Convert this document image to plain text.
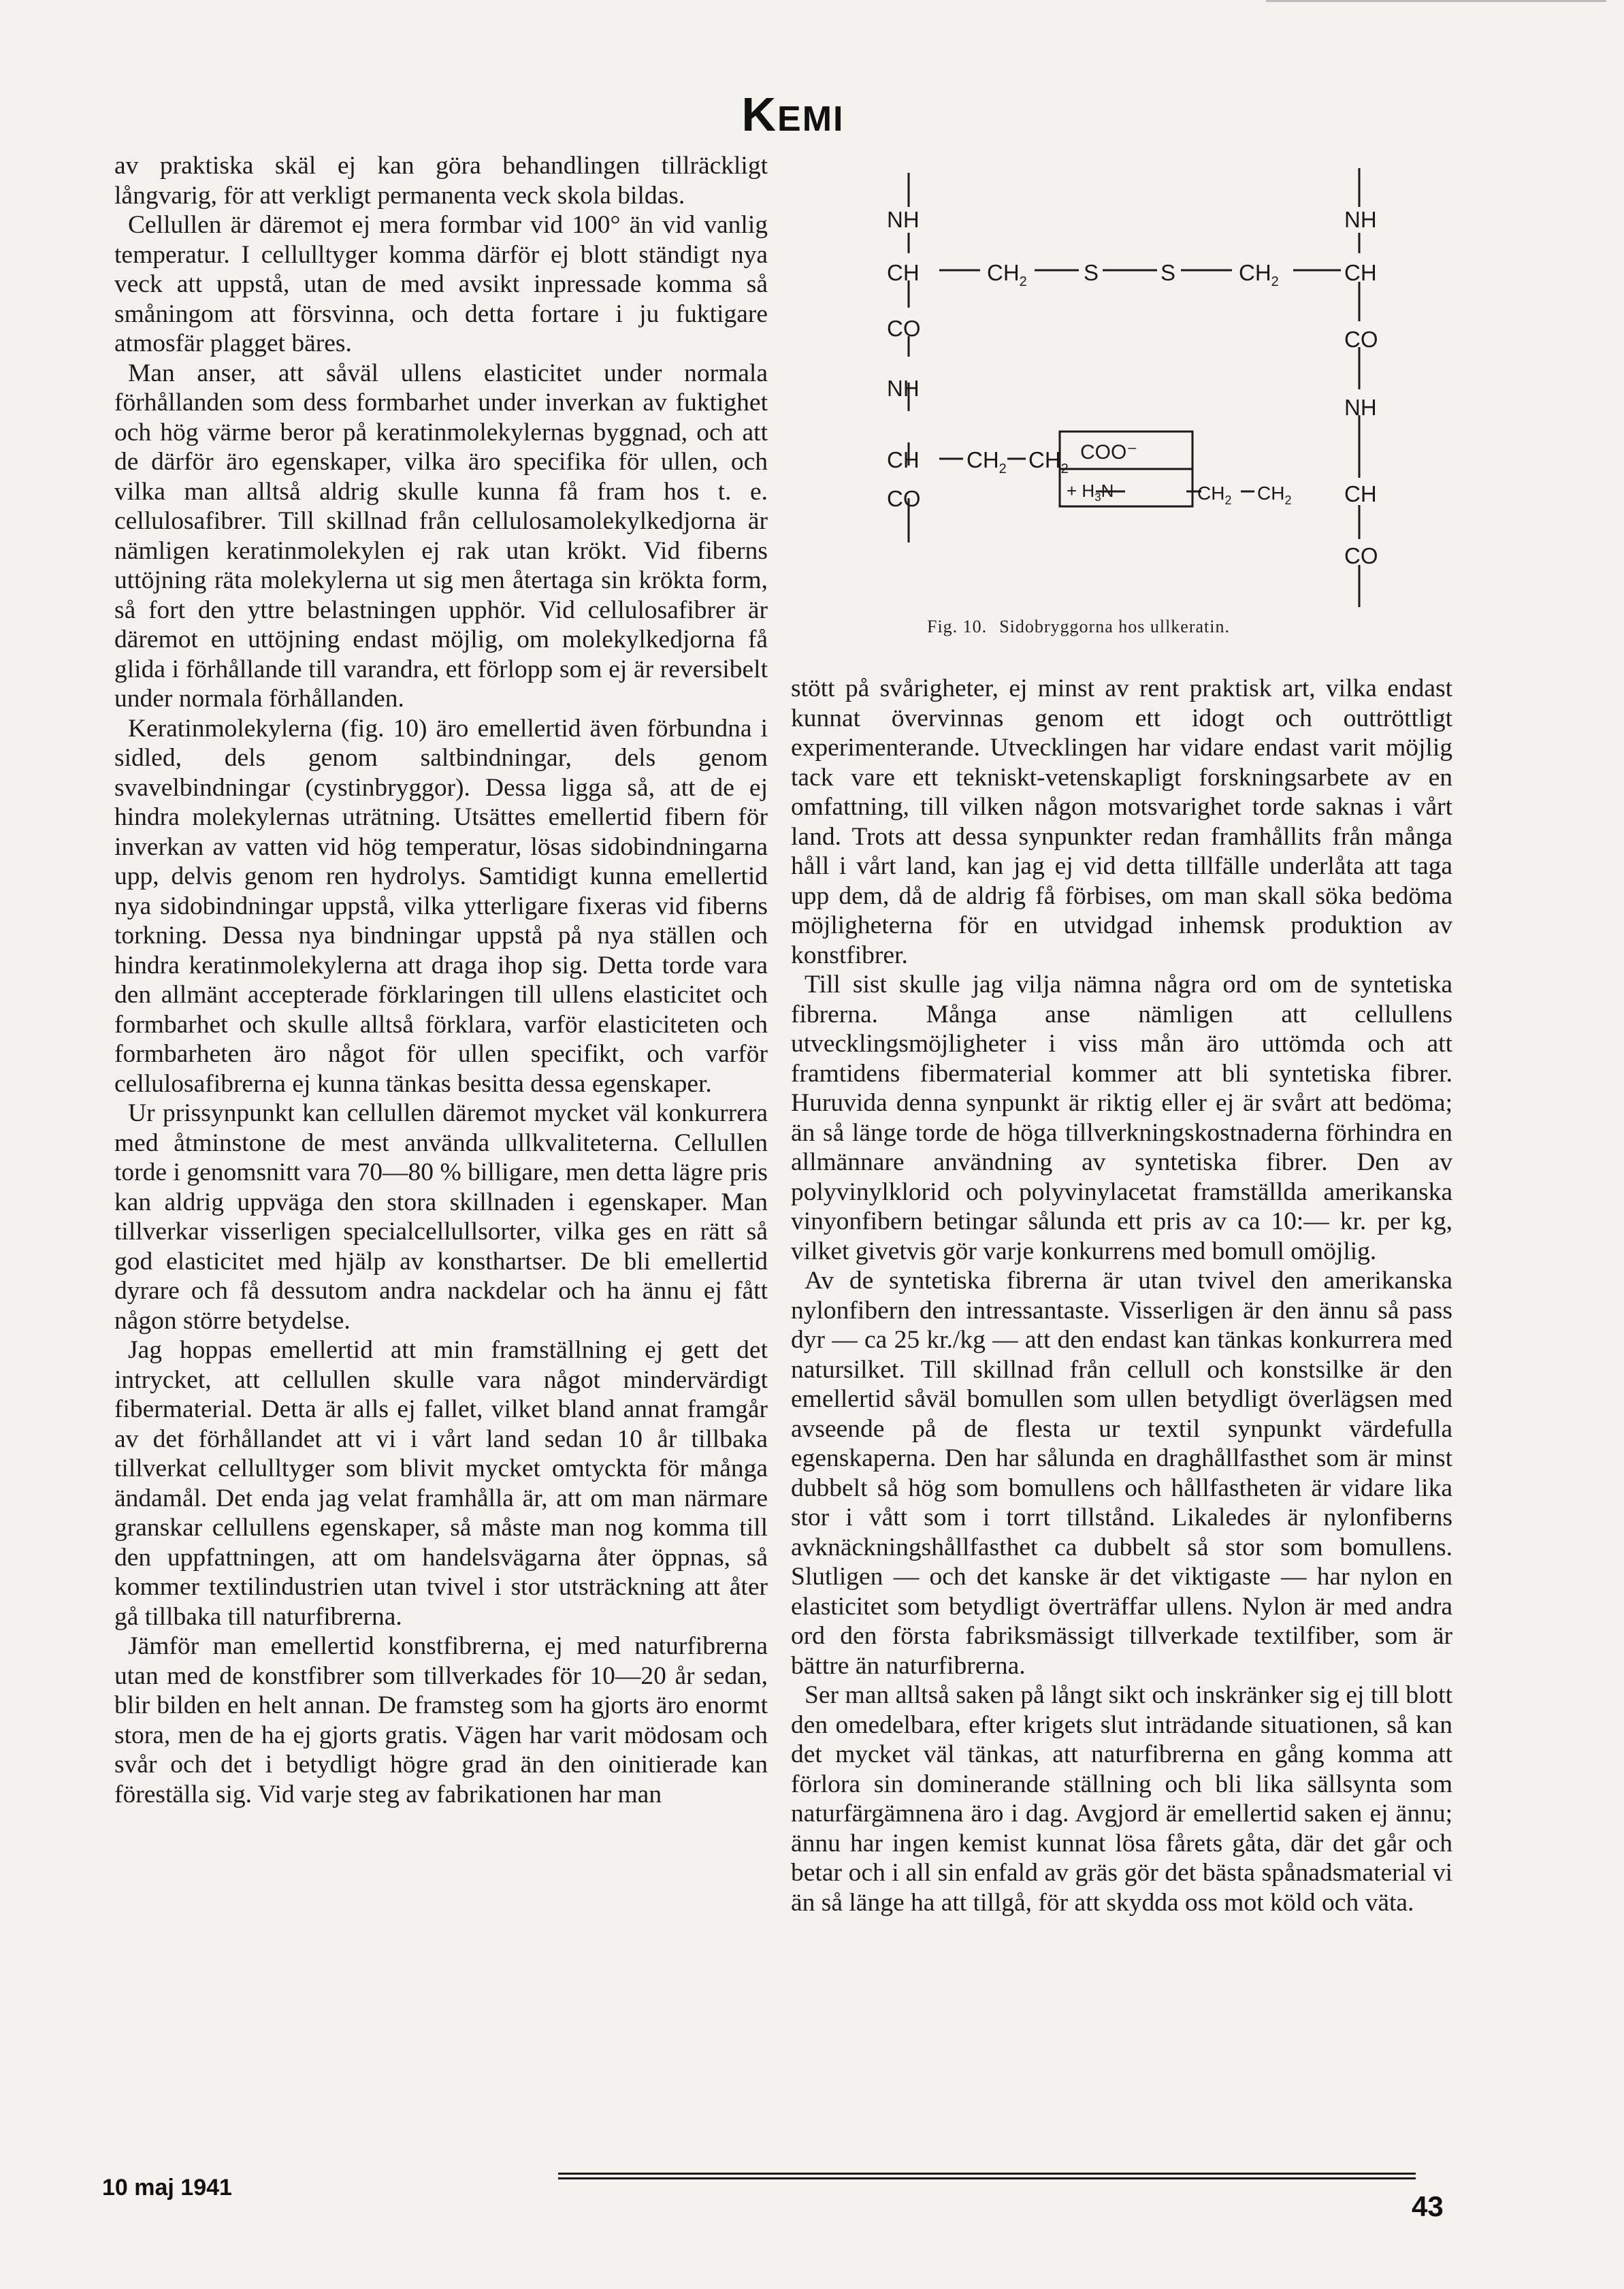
KEMI

av praktiska skäl ej kan göra behandlingen tillräckligt långvarig, för att verkligt permanenta veck skola bildas.

Cellullen är däremot ej mera formbar vid 100° än vid vanlig temperatur. I cellulltyger komma därför ej blott ständigt nya veck att uppstå, utan de med avsikt inpressade komma så småningom att försvinna, och detta fortare i ju fuktigare atmosfär plagget bäres.

Man anser, att såväl ullens elasticitet under normala förhållanden som dess formbarhet under inverkan av fuktighet och hög värme beror på keratinmolekylernas byggnad, och att de därför äro egenskaper, vilka äro specifika för ullen, och vilka man alltså aldrig skulle kunna få fram hos t. e. cellulosafibrer. Till skillnad från cellulosamolekylkedjorna är nämligen keratinmolekylen ej rak utan krökt. Vid fiberns uttöjning räta molekylerna ut sig men återtaga sin krökta form, så fort den yttre belastningen upphör. Vid cellulosafibrer är däremot en uttöjning endast möjlig, om molekylkedjorna få glida i förhållande till varandra, ett förlopp som ej är reversibelt under normala förhållanden.

Keratinmolekylerna (fig. 10) äro emellertid även förbundna i sidled, dels genom saltbindningar, dels genom svavelbindningar (cystinbryggor). Dessa ligga så, att de ej hindra molekylernas uträtning. Utsättes emellertid fibern för inverkan av vatten vid hög temperatur, lösas sidobindningarna upp, delvis genom ren hydrolys. Samtidigt kunna emellertid nya sidobindningar uppstå, vilka ytterligare fixeras vid fiberns torkning. Dessa nya bindningar uppstå på nya ställen och hindra keratinmolekylerna att draga ihop sig. Detta torde vara den allmänt accepterade förklaringen till ullens elasticitet och formbarhet och skulle alltså förklara, varför elasticiteten och formbarheten äro något för ullen specifikt, och varför cellulosafibrerna ej kunna tänkas besitta dessa egenskaper.

Ur prissynpunkt kan cellullen däremot mycket väl konkurrera med åtminstone de mest använda ullkvaliteterna. Cellullen torde i genomsnitt vara 70—80 % billigare, men detta lägre pris kan aldrig uppväga den stora skillnaden i egenskaper. Man tillverkar visserligen specialcellullsorter, vilka ges en rätt så god elasticitet med hjälp av konsthartser. De bli emellertid dyrare och få dessutom andra nackdelar och ha ännu ej fått någon större betydelse.

Jag hoppas emellertid att min framställning ej gett det intrycket, att cellullen skulle vara något mindervärdigt fibermaterial. Detta är alls ej fallet, vilket bland annat framgår av det förhållandet att vi i vårt land sedan 10 år tillbaka tillverkat cellulltyger som blivit mycket omtyckta för många ändamål. Det enda jag velat framhålla är, att om man närmare granskar cellullens egenskaper, så måste man nog komma till den uppfattningen, att om handelsvägarna åter öppnas, så kommer textilindustrien utan tvivel i stor utsträckning att åter gå tillbaka till naturfibrerna.

Jämför man emellertid konstfibrerna, ej med naturfibrerna utan med de konstfibrer som tillverkades för 10—20 år sedan, blir bilden en helt annan. De framsteg som ha gjorts äro enormt stora, men de ha ej gjorts gratis. Vägen har varit mödosam och svår och det i betydligt högre grad än den oinitierade kan föreställa sig. Vid varje steg av fabrikationen har man

NH
CH	$CH_2$	S	S	$CH_2$	CH
CO
NH
CH $CH_2$ $CH_2$
COO⁻
+ $H_3N$
CO	$CH_2$ $CH_2$
NH
CO
NH
CH
CO
Fig. 10. Sidobryggorna hos ullkeratin.

stött på svårigheter, ej minst av rent praktisk art, vilka endast kunnat övervinnas genom ett idogt och outtröttligt experimenterande. Utvecklingen har vidare endast varit möjlig tack vare ett tekniskt-vetenskapligt forskningsarbete av en omfattning, till vilken någon motsvarighet torde saknas i vårt land. Trots att dessa synpunkter redan framhållits från många håll i vårt land, kan jag ej vid detta tillfälle underlåta att taga upp dem, då de aldrig få förbises, om man skall söka bedöma möjligheterna för en utvidgad inhemsk produktion av konstfibrer.

Till sist skulle jag vilja nämna några ord om de syntetiska fibrerna. Många anse nämligen att cellullens utvecklingsmöjligheter i viss mån äro uttömda och att framtidens fibermaterial kommer att bli syntetiska fibrer. Huruvida denna synpunkt är riktig eller ej är svårt att bedöma; än så länge torde de höga tillverkningskostnaderna förhindra en allmännare användning av syntetiska fibrer. Den av polyvinylklorid och polyvinylacetat framställda amerikanska vinyonfibern betingar sålunda ett pris av ca 10:— kr. per kg, vilket givetvis gör varje konkurrens med bomull omöjlig.

Av de syntetiska fibrerna är utan tvivel den amerikanska nylonfibern den intressantaste. Visserligen är den ännu så pass dyr — ca 25 kr./kg — att den endast kan tänkas konkurrera med natursilket. Till skillnad från cellull och konstsilke är den emellertid såväl bomullen som ullen betydligt överlägsen med avseende på de flesta ur textil synpunkt värdefulla egenskaperna. Den har sålunda en draghållfasthet som är minst dubbelt så hög som bomullens och hållfastheten är vidare lika stor i vått som i torrt tillstånd. Likaledes är nylonfiberns avknäckningshållfasthet ca dubbelt så stor som bomullens. Slutligen — och det kanske är det viktigaste — har nylon en elasticitet som betydligt överträffar ullens. Nylon är med andra ord den första fabriksmässigt tillverkade textilfiber, som är bättre än naturfibrerna.

Ser man alltså saken på långt sikt och inskränker sig ej till blott den omedelbara, efter krigets slut inträdande situationen, så kan det mycket väl tänkas, att naturfibrerna en gång komma att förlora sin dominerande ställning och bli lika sällsynta som naturfärgämnena äro i dag. Avgjord är emellertid saken ej ännu; ännu har ingen kemist kunnat lösa fårets gåta, där det går och betar och i all sin enfald av gräs gör det bästa spånadsmaterial vi än så länge ha att tillgå, för att skydda oss mot köld och väta.

10 maj 1941
43
